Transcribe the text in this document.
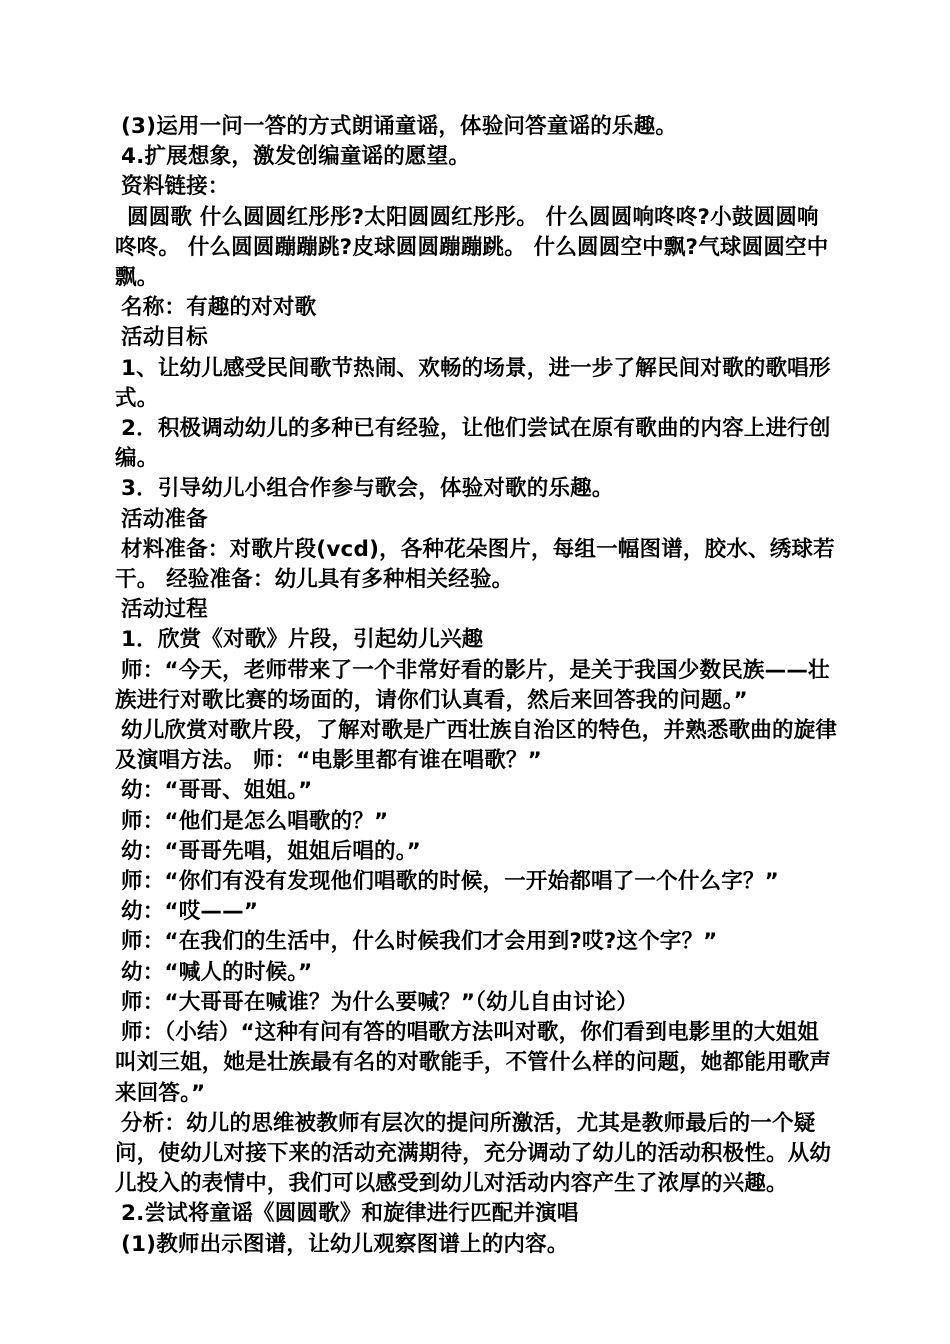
(3)运用一问一答的方式朗诵童谣，体验问答童谣的乐趣。

4.扩展想象，激发创编童谣的愿望。

资料链接：

圆圆歌 什么圆圆红彤彤?太阳圆圆红彤彤。 什么圆圆响咚咚?小鼓圆圆响咚咚。 什么圆圆蹦蹦跳?皮球圆圆蹦蹦跳。 什么圆圆空中飘?气球圆圆空中飘。

名称：有趣的对对歌

活动目标

1、让幼儿感受民间歌节热闹、欢畅的场景，进一步了解民间对歌的歌唱形式。

2．积极调动幼儿的多种已有经验，让他们尝试在原有歌曲的内容上进行创编。

3．引导幼儿小组合作参与歌会，体验对歌的乐趣。

活动准备

材料准备：对歌片段(vcd)，各种花朵图片，每组一幅图谱，胶水、绣球若干。 经验准备：幼儿具有多种相关经验。

活动过程

1．欣赏《对歌》片段，引起幼儿兴趣

师：“今天，老师带来了一个非常好看的影片，是关于我国少数民族——壮族进行对歌比赛的场面的，请你们认真看，然后来回答我的问题。”

幼儿欣赏对歌片段，了解对歌是广西壮族自治区的特色，并熟悉歌曲的旋律及演唱方法。 师：“电影里都有谁在唱歌？”

幼：“哥哥、姐姐。”

师：“他们是怎么唱歌的？”

幼：“哥哥先唱，姐姐后唱的。”

师：“你们有没有发现他们唱歌的时候，一开始都唱了一个什么字？”

幼：“哎——”

师：“在我们的生活中，什么时候我们才会用到?哎?这个字？”

幼：“喊人的时候。”

师：“大哥哥在喊谁？为什么要喊？”（幼儿自由讨论）

师：（小结）“这种有问有答的唱歌方法叫对歌，你们看到电影里的大姐姐叫刘三姐，她是壮族最有名的对歌能手，不管什么样的问题，她都能用歌声来回答。”

分析：幼儿的思维被教师有层次的提问所激活，尤其是教师最后的一个疑问，使幼儿对接下来的活动充满期待，充分调动了幼儿的活动积极性。从幼儿投入的表情中，我们可以感受到幼儿对活动内容产生了浓厚的兴趣。

2.尝试将童谣《圆圆歌》和旋律进行匹配并演唱

(1)教师出示图谱，让幼儿观察图谱上的内容。
